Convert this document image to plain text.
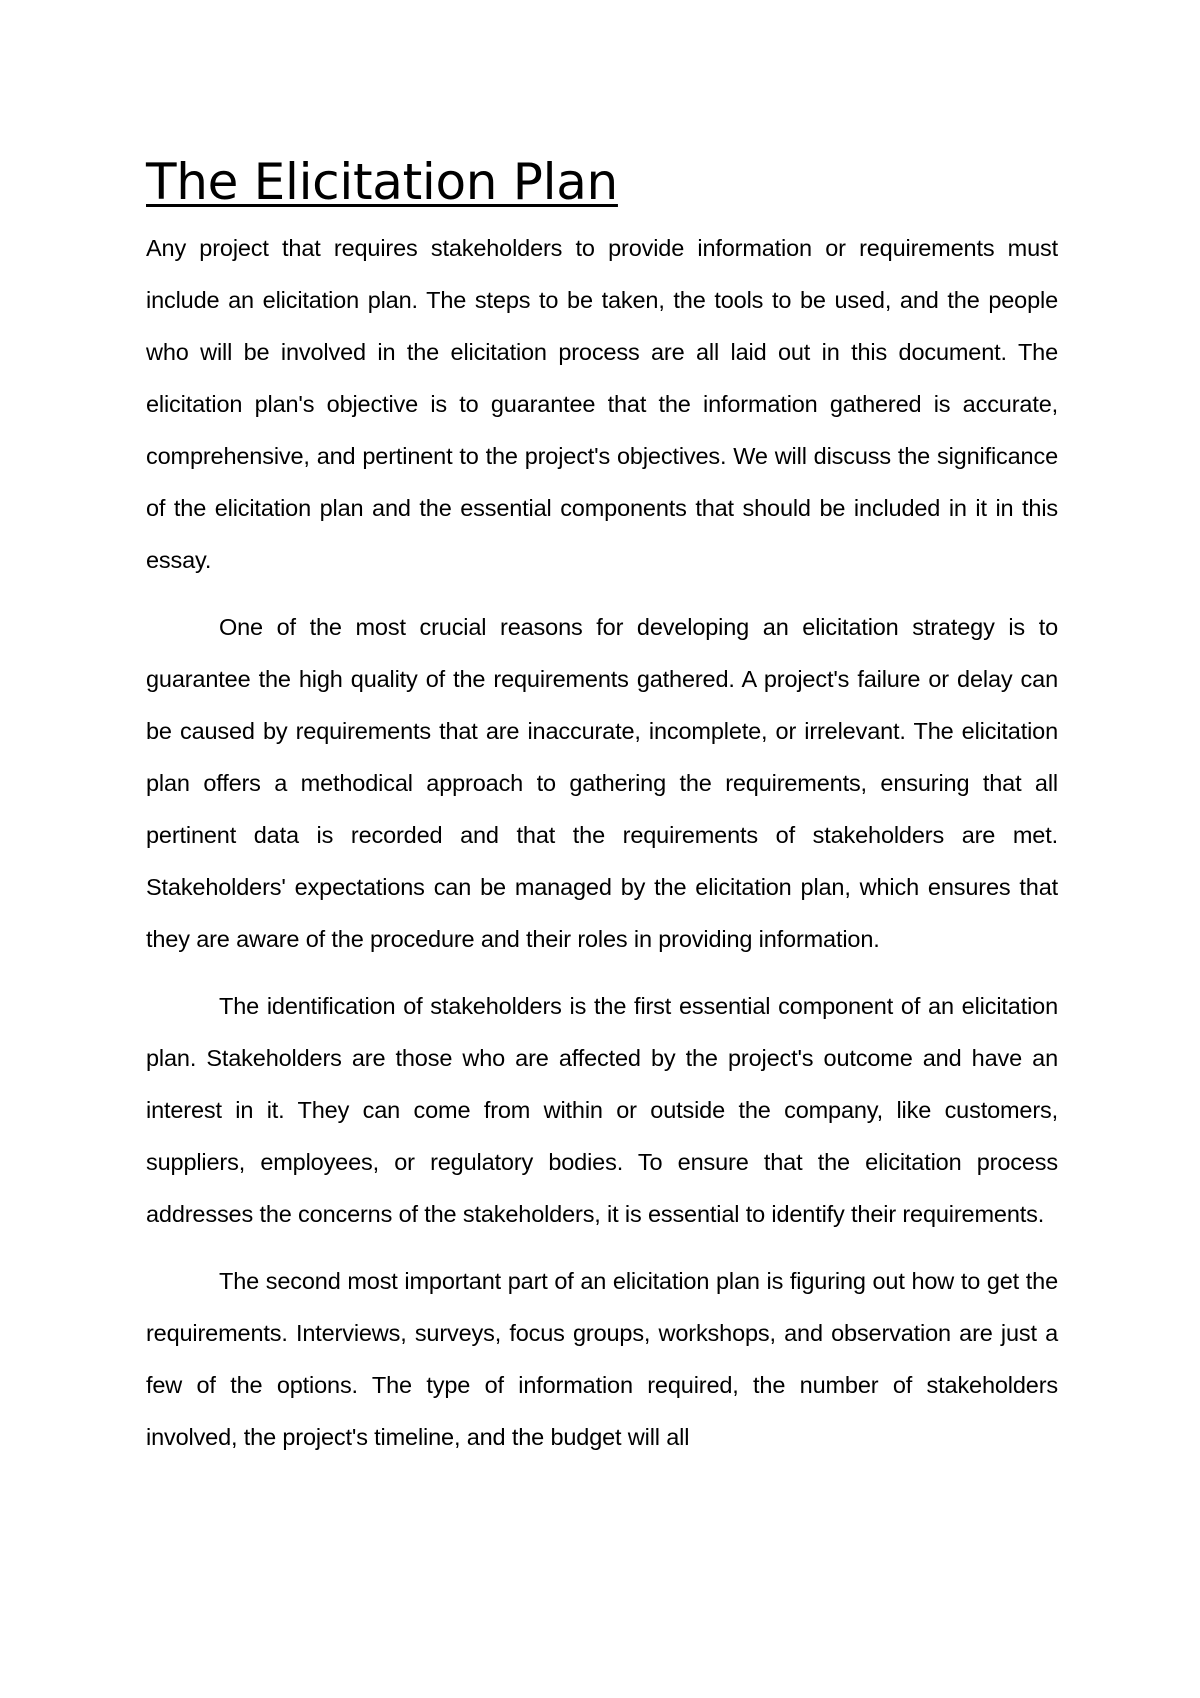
The Elicitation Plan

Any project that requires stakeholders to provide information or requirements must include an elicitation plan. The steps to be taken, the tools to be used, and the people who will be involved in the elicitation process are all laid out in this document. The elicitation plan's objective is to guarantee that the information gathered is accurate, comprehensive, and pertinent to the project's objectives. We will discuss the significance of the elicitation plan and the essential components that should be included in it in this essay.

One of the most crucial reasons for developing an elicitation strategy is to guarantee the high quality of the requirements gathered. A project's failure or delay can be caused by requirements that are inaccurate, incomplete, or irrelevant. The elicitation plan offers a methodical approach to gathering the requirements, ensuring that all pertinent data is recorded and that the requirements of stakeholders are met. Stakeholders' expectations can be managed by the elicitation plan, which ensures that they are aware of the procedure and their roles in providing information.

The identification of stakeholders is the first essential component of an elicitation plan. Stakeholders are those who are affected by the project's outcome and have an interest in it. They can come from within or outside the company, like customers, suppliers, employees, or regulatory bodies. To ensure that the elicitation process addresses the concerns of the stakeholders, it is essential to identify their requirements.

The second most important part of an elicitation plan is figuring out how to get the requirements. Interviews, surveys, focus groups, workshops, and observation are just a few of the options. The type of information required, the number of stakeholders involved, the project's timeline, and the budget will all
